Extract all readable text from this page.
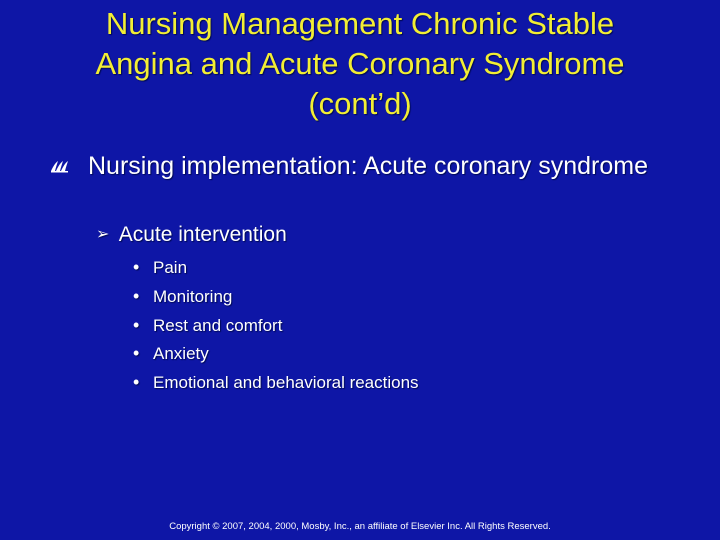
Nursing Management Chronic Stable
Angina and Acute Coronary Syndrome
(cont’d)
Nursing implementation: Acute coronary syndrome
➢ Acute intervention
• Pain
• Monitoring
• Rest and comfort
• Anxiety
• Emotional and behavioral reactions
Copyright © 2007, 2004, 2000, Mosby, Inc., an affiliate of Elsevier Inc. All Rights Reserved.
